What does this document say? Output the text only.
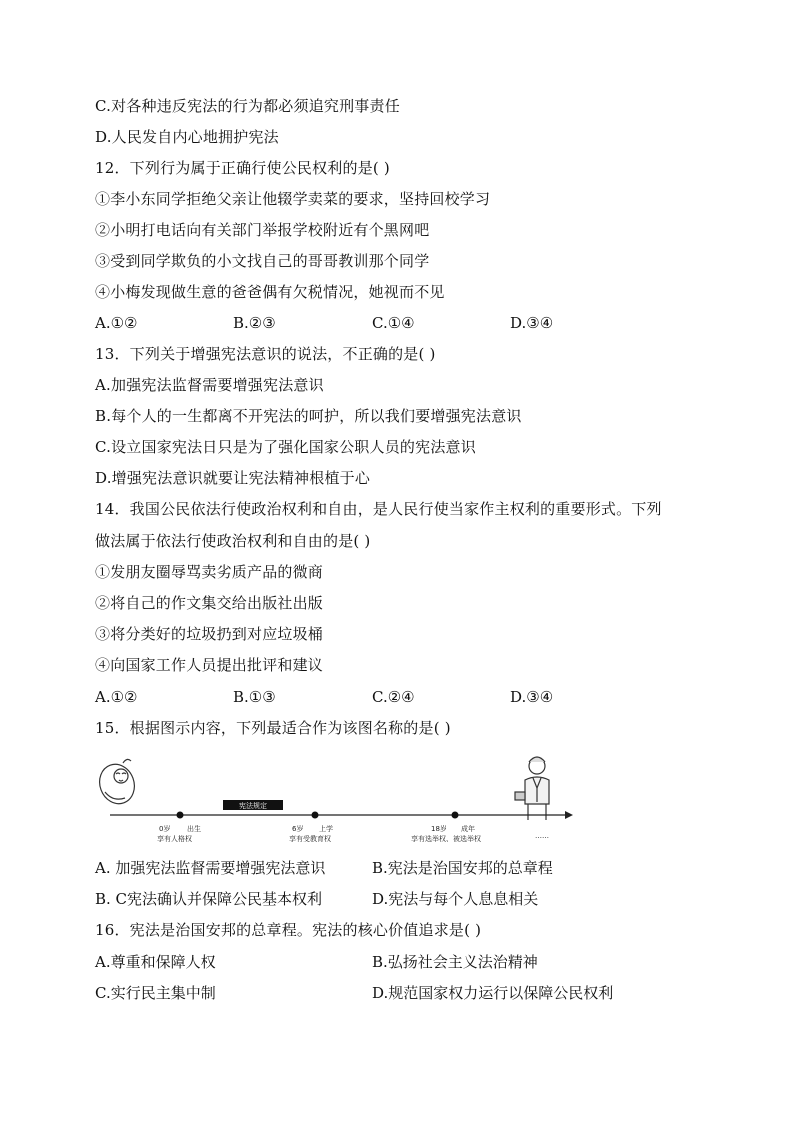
C.对各种违反宪法的行为都必须追究刑事责任
D.人民发自内心地拥护宪法
12．下列行为属于正确行使公民权利的是( )
①李小东同学拒绝父亲让他辍学卖菜的要求，坚持回校学习
②小明打电话向有关部门举报学校附近有个黑网吧
③受到同学欺负的小文找自己的哥哥教训那个同学
④小梅发现做生意的爸爸偶有欠税情况，她视而不见
A.①②	B.②③	C.①④	D.③④
13．下列关于增强宪法意识的说法，不正确的是( )
A.加强宪法监督需要增强宪法意识
B.每个人的一生都离不开宪法的呵护，所以我们要增强宪法意识
C.设立国家宪法日只是为了强化国家公职人员的宪法意识
D.增强宪法意识就要让宪法精神根植于心
14．我国公民依法行使政治权利和自由，是人民行使当家作主权利的重要形式。下列
做法属于依法行使政治权利和自由的是( )
①发朋友圈辱骂卖劣质产品的微商
②将自己的作文集交给出版社出版
③将分类好的垃圾扔到对应垃圾桶
④向国家工作人员提出批评和建议
A.①②	B.①③	C.②④	D.③④
15．根据图示内容，下列最适合作为该图名称的是( )
宪法规定
0岁 出生
享有人格权
6岁 上学
享有受教育权
18岁 成年
享有选举权、被选举权	……
A. 加强宪法监督需要增强宪法意识	B.宪法是治国安邦的总章程
B. C宪法确认并保障公民基本权利	D.宪法与每个人息息相关
16．宪法是治国安邦的总章程。宪法的核心价值追求是( )
A.尊重和保障人权	B.弘扬社会主义法治精神
C.实行民主集中制	D.规范国家权力运行以保障公民权利
